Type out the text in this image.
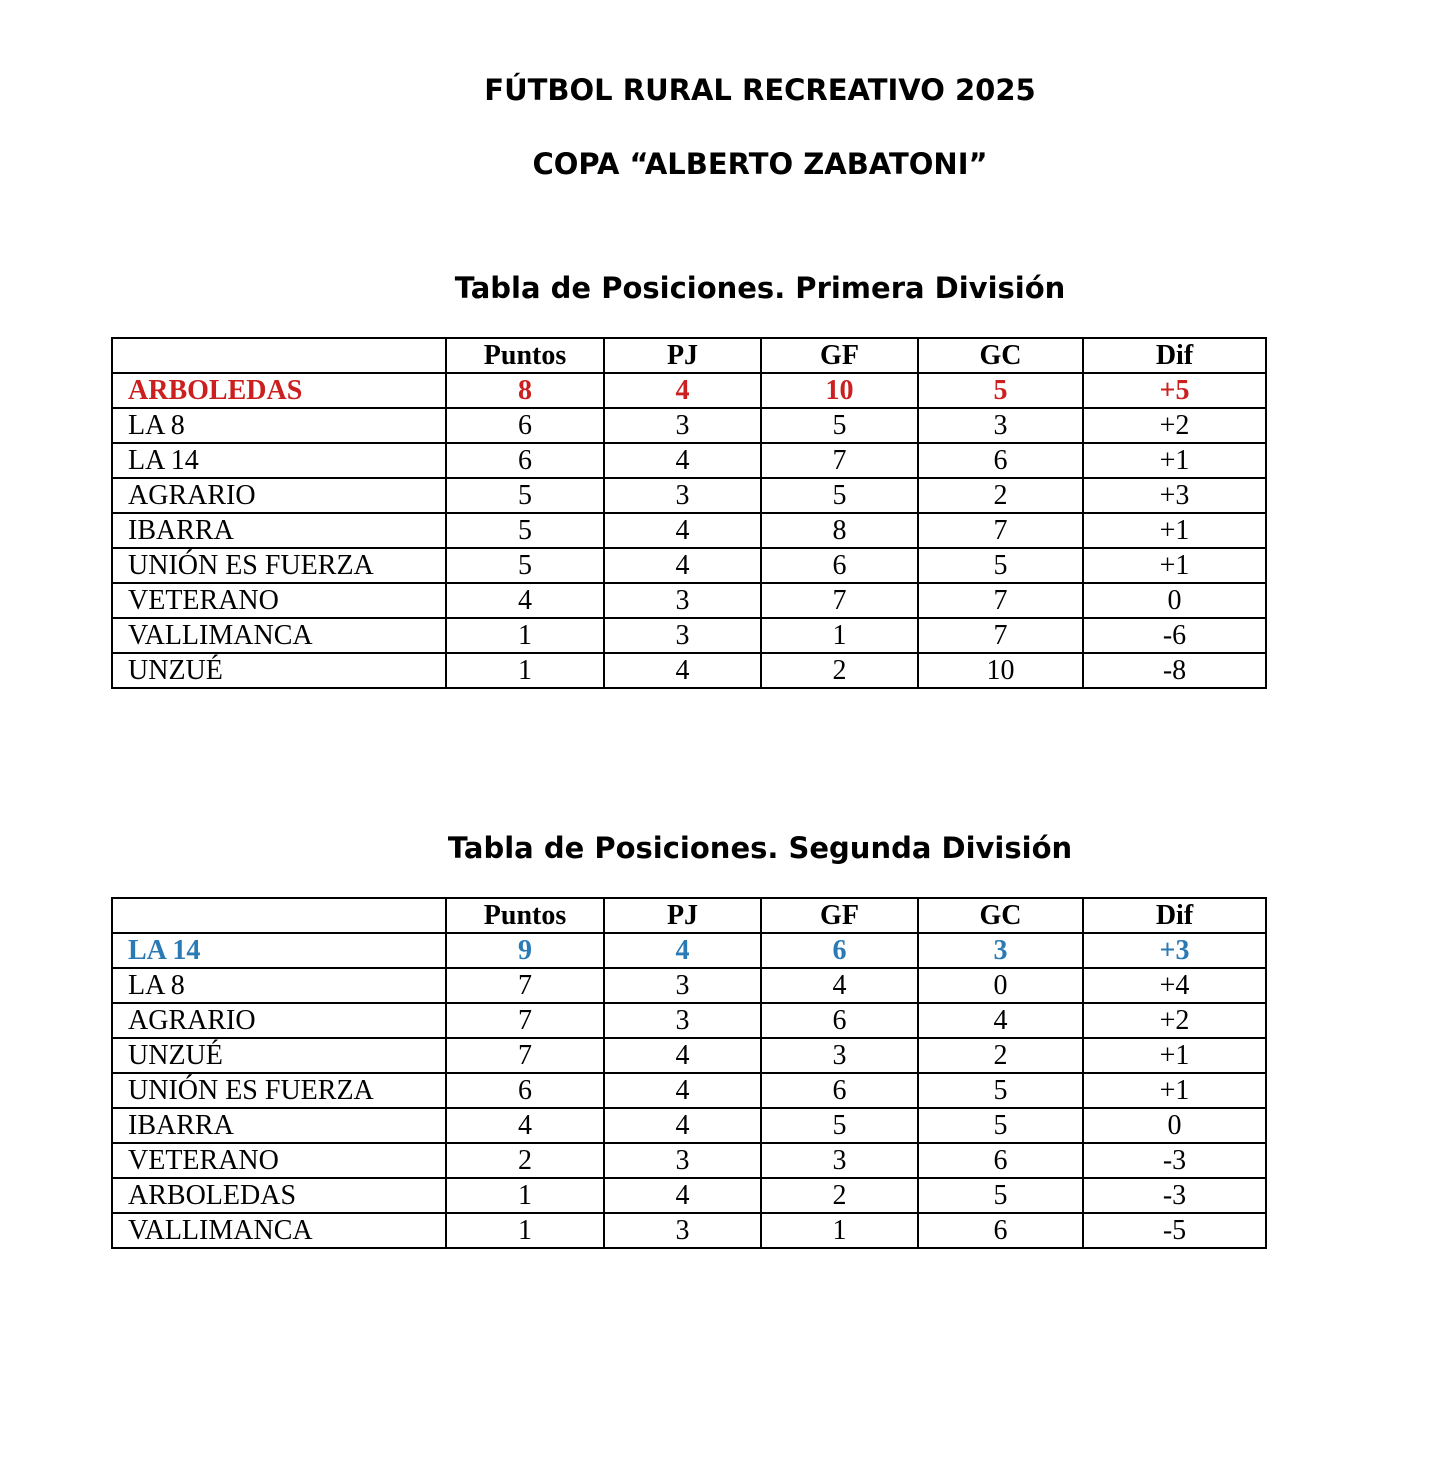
FÚTBOL RURAL RECREATIVO 2025
COPA “ALBERTO ZABATONI”
Tabla de Posiciones. Primera División
	Puntos	PJ	GF	GC	Dif
ARBOLEDAS	8	4	10	5	+5
LA 8	6	3	5	3	+2
LA 14	6	4	7	6	+1
AGRARIO	5	3	5	2	+3
IBARRA	5	4	8	7	+1
UNIÓN ES FUERZA	5	4	6	5	+1
VETERANO	4	3	7	7	0
VALLIMANCA	1	3	1	7	-6
UNZUÉ	1	4	2	10	-8
Tabla de Posiciones. Segunda División
	Puntos	PJ	GF	GC	Dif
LA 14	9	4	6	3	+3
LA 8	7	3	4	0	+4
AGRARIO	7	3	6	4	+2
UNZUÉ	7	4	3	2	+1
UNIÓN ES FUERZA	6	4	6	5	+1
IBARRA	4	4	5	5	0
VETERANO	2	3	3	6	-3
ARBOLEDAS	1	4	2	5	-3
VALLIMANCA	1	3	1	6	-5
